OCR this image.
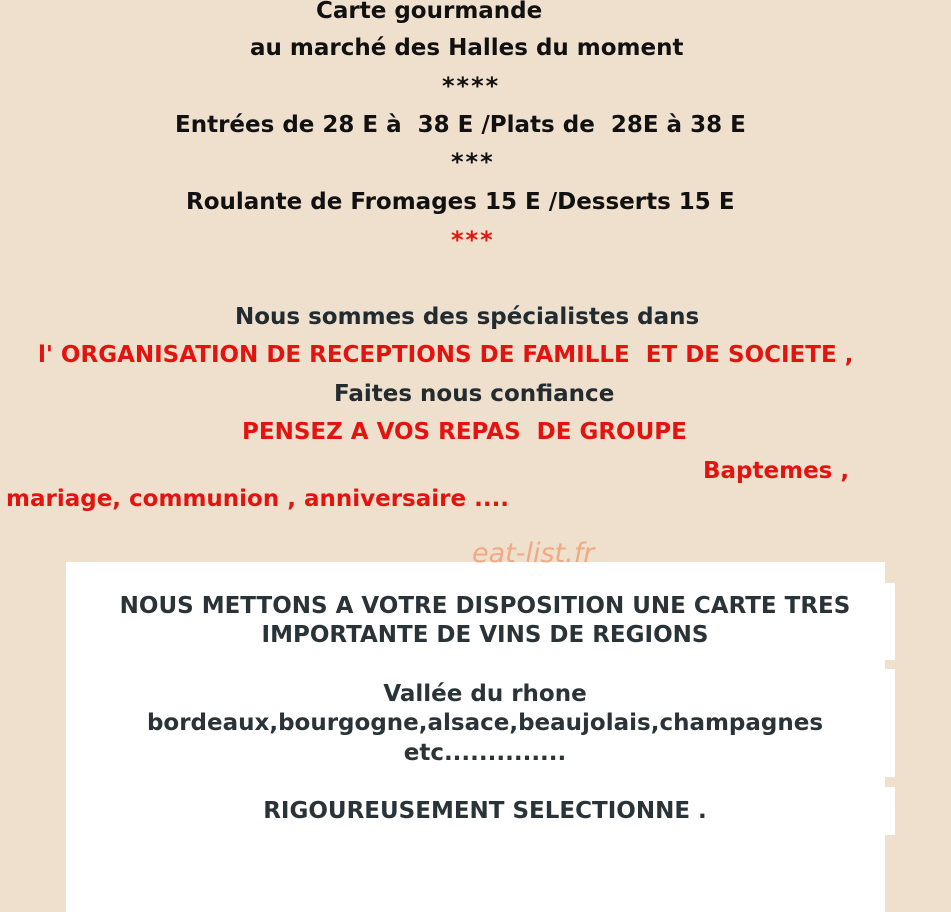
Carte gourmande
au marché des Halles du moment
****
Entrées de 28 E à  38 E /Plats de  28E à 38 E
***
Roulante de Fromages 15 E /Desserts 15 E
***
Nous sommes des spécialistes dans
l' ORGANISATION DE RECEPTIONS DE FAMILLE  ET DE SOCIETE ,
Faites nous confiance
PENSEZ A VOS REPAS  DE GROUPE
Baptemes ,
mariage, communion , anniversaire ....
eat-list.fr
NOUS METTONS A VOTRE DISPOSITION UNE CARTE TRES
IMPORTANTE DE VINS DE REGIONS
Vallée du rhone
bordeaux,bourgogne,alsace,beaujolais,champagnes
etc..............
RIGOUREUSEMENT SELECTIONNE .
